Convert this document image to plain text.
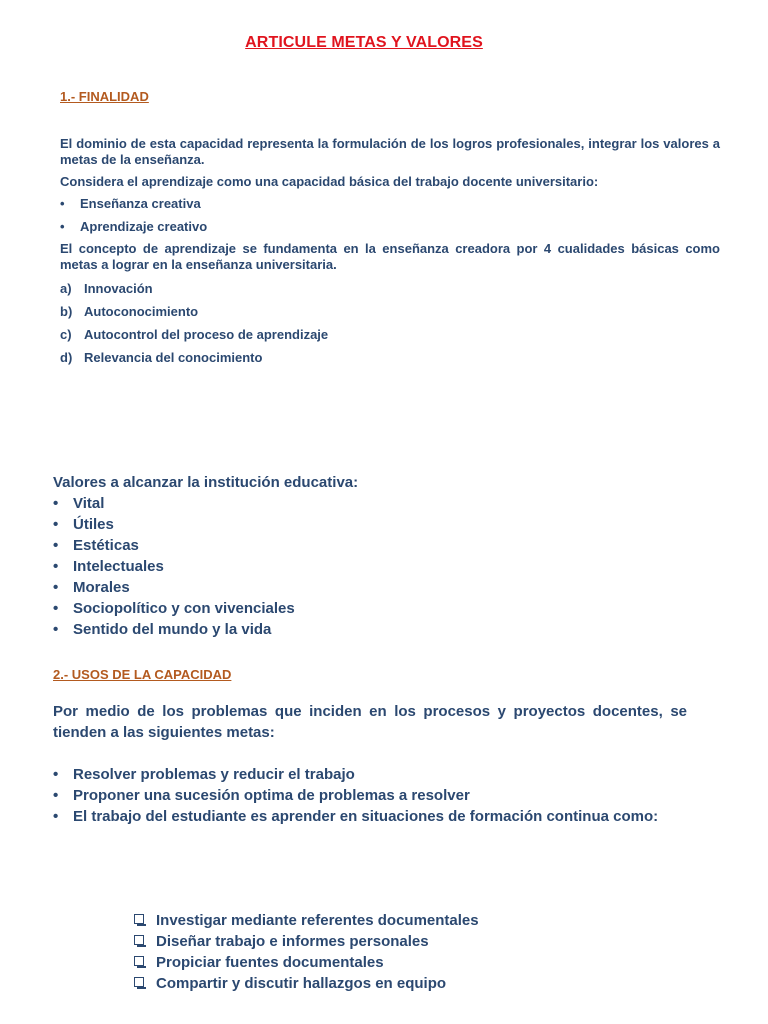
ARTICULE METAS Y VALORES
1.- FINALIDAD

El dominio de esta capacidad representa la formulación de los logros profesionales, integrar los valores a metas de la enseñanza.

Considera el aprendizaje como una capacidad básica del trabajo docente universitario:

• Enseñanza creativa
• Aprendizaje creativo

El concepto de aprendizaje se fundamenta en la enseñanza creadora por 4 cualidades básicas como metas a lograr en la enseñanza universitaria.

a) Innovación
b) Autoconocimiento
c) Autocontrol del proceso de aprendizaje
d) Relevancia del conocimiento
Valores a alcanzar la institución educativa:
• Vital
• Útiles
• Estéticas
• Intelectuales
• Morales
• Sociopolítico y con vivenciales
• Sentido del mundo y la vida
2.- USOS DE LA CAPACIDAD

Por medio de los problemas que inciden en los procesos y proyectos docentes, se tienden a las siguientes metas:

• Resolver problemas y reducir el trabajo
• Proponer una sucesión optima de problemas a resolver
• El trabajo del estudiante es aprender en situaciones de formación continua como:
Investigar mediante referentes documentales
Diseñar trabajo e informes personales
Propiciar fuentes documentales
Compartir y discutir hallazgos en equipo
